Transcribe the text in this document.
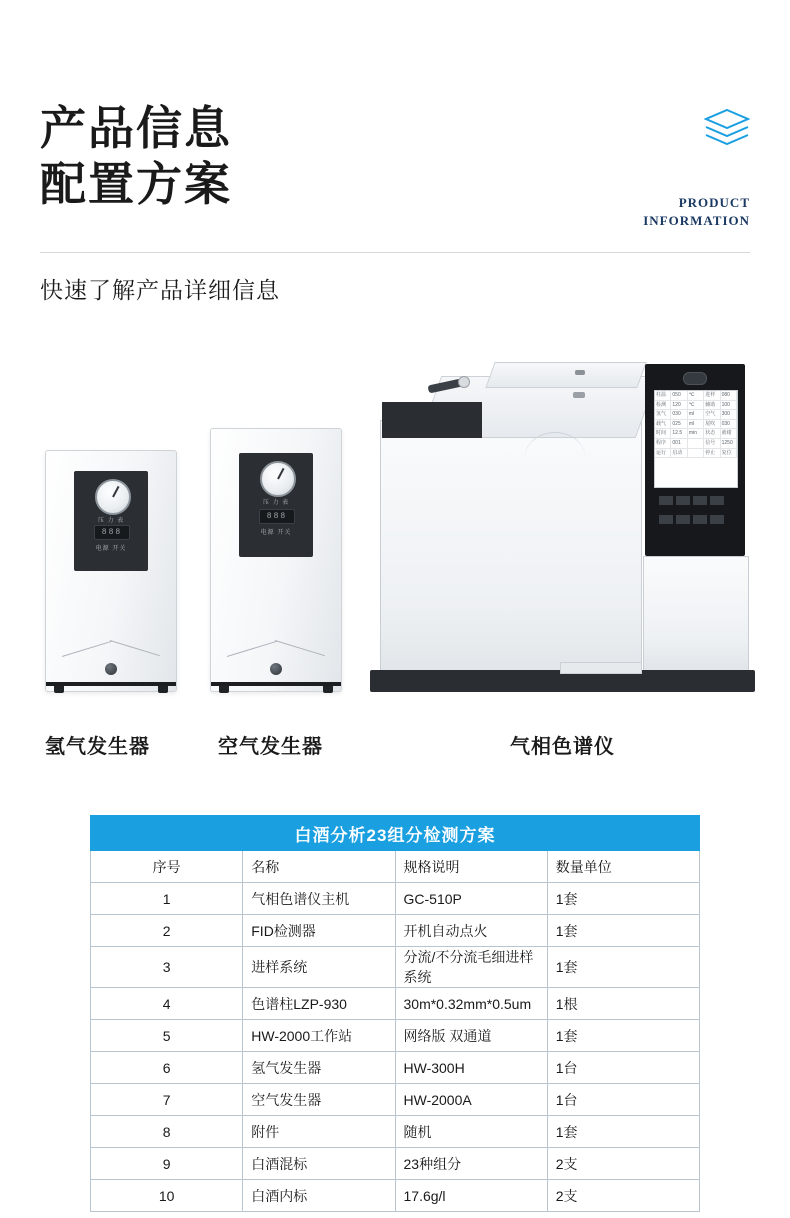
产品信息
配置方案	PRODUCT
INFORMATION
快速了解产品详细信息
压 力 表
888
电源 开关
压 力 表
888
电源 开关
柱温	050	℃	进样	080
检测	120	℃	辅助	100
氢气	030	ml	空气	300
载气	025	ml	尾吹	030
时间	12.5	min	状态	就绪
程序	001	信号	1250
运行	启动	停止	复位
氢气发生器	空气发生器	气相色谱仪
白酒分析23组分检测方案			
序号	名称	规格说明	数量单位
1	气相色谱仪主机	GC-510P	1套
2	FID检测器	开机自动点火	1套
3	进样系统	分流/不分流毛细进样系统	1套
4	色谱柱LZP-930	30m*0.32mm*0.5um	1根
5	HW-2000工作站	网络版 双通道	1套
6	氢气发生器	HW-300H	1台
7	空气发生器	HW-2000A	1台
8	附件	随机	1套
9	白酒混标	23种组分	2支
10	白酒内标	17.6g/l	2支
